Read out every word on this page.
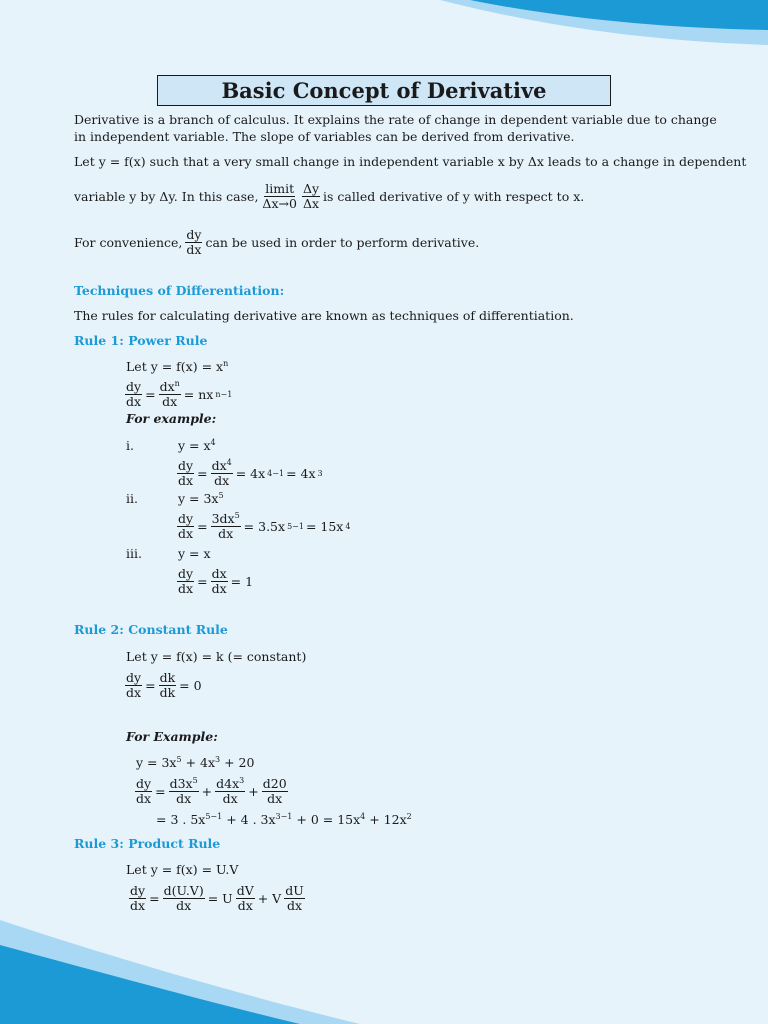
Basic Concept of Derivative
Derivative is a branch of calculus. It explains the rate of change in dependent variable due to change
in independent variable. The slope of variables can be derived from derivative.
Let y = f(x) such that a very small change in independent variable x by Δx leads to a change in dependent
variable y by Δy. In this case, $\frac{\text{limit}}{\Delta x\to 0} \frac{\Delta y}{\Delta x}$ is called derivative of y with respect to x.
For convenience, $\frac{dy}{dx}$ can be used in order to perform derivative.
Techniques of Differentiation:
The rules for calculating derivative are known as techniques of differentiation.
Rule 1: Power Rule
Let $y = f(x) = x^n$
$\frac{dy}{dx} = \frac{dx^n}{dx}$ = nx n−1
For example:
i.	$y = x^4$
$\frac{dy}{dx} = \frac{dx^4}{dx} = 4x$ 4−1 = 4x 3
ii.	$y = 3x^5$
$\frac{dy}{dx} = \frac{3dx^5}{dx} = 3.5x$ 5−1 = 15x 4
iii.	y = x
$\frac{dy}{dx} = \frac{dx}{dx} = 1$
Rule 2: Constant Rule
Let y = f(x) = k (= constant)
$\frac{dy}{dx} = \frac{dk}{dk} = 0$
For Example:
$y = 3x^5 + 4x^3 + 20$
$\frac{dy}{dx} = \frac{d3x^5}{dx} + \frac{d4x^3}{dx} + \frac{d20}{dx}$
= 3 . $5x^{5-1} + 4$ . $3x^{3-1} + 0 = 15x^4 + 12x^2$
Rule 3: Product Rule
Let y = f(x) = U.V
$\frac{dy}{dx} = \frac{d(U.V)}{dx} = U \frac{dV}{dx} + V \frac{dU}{dx}$
